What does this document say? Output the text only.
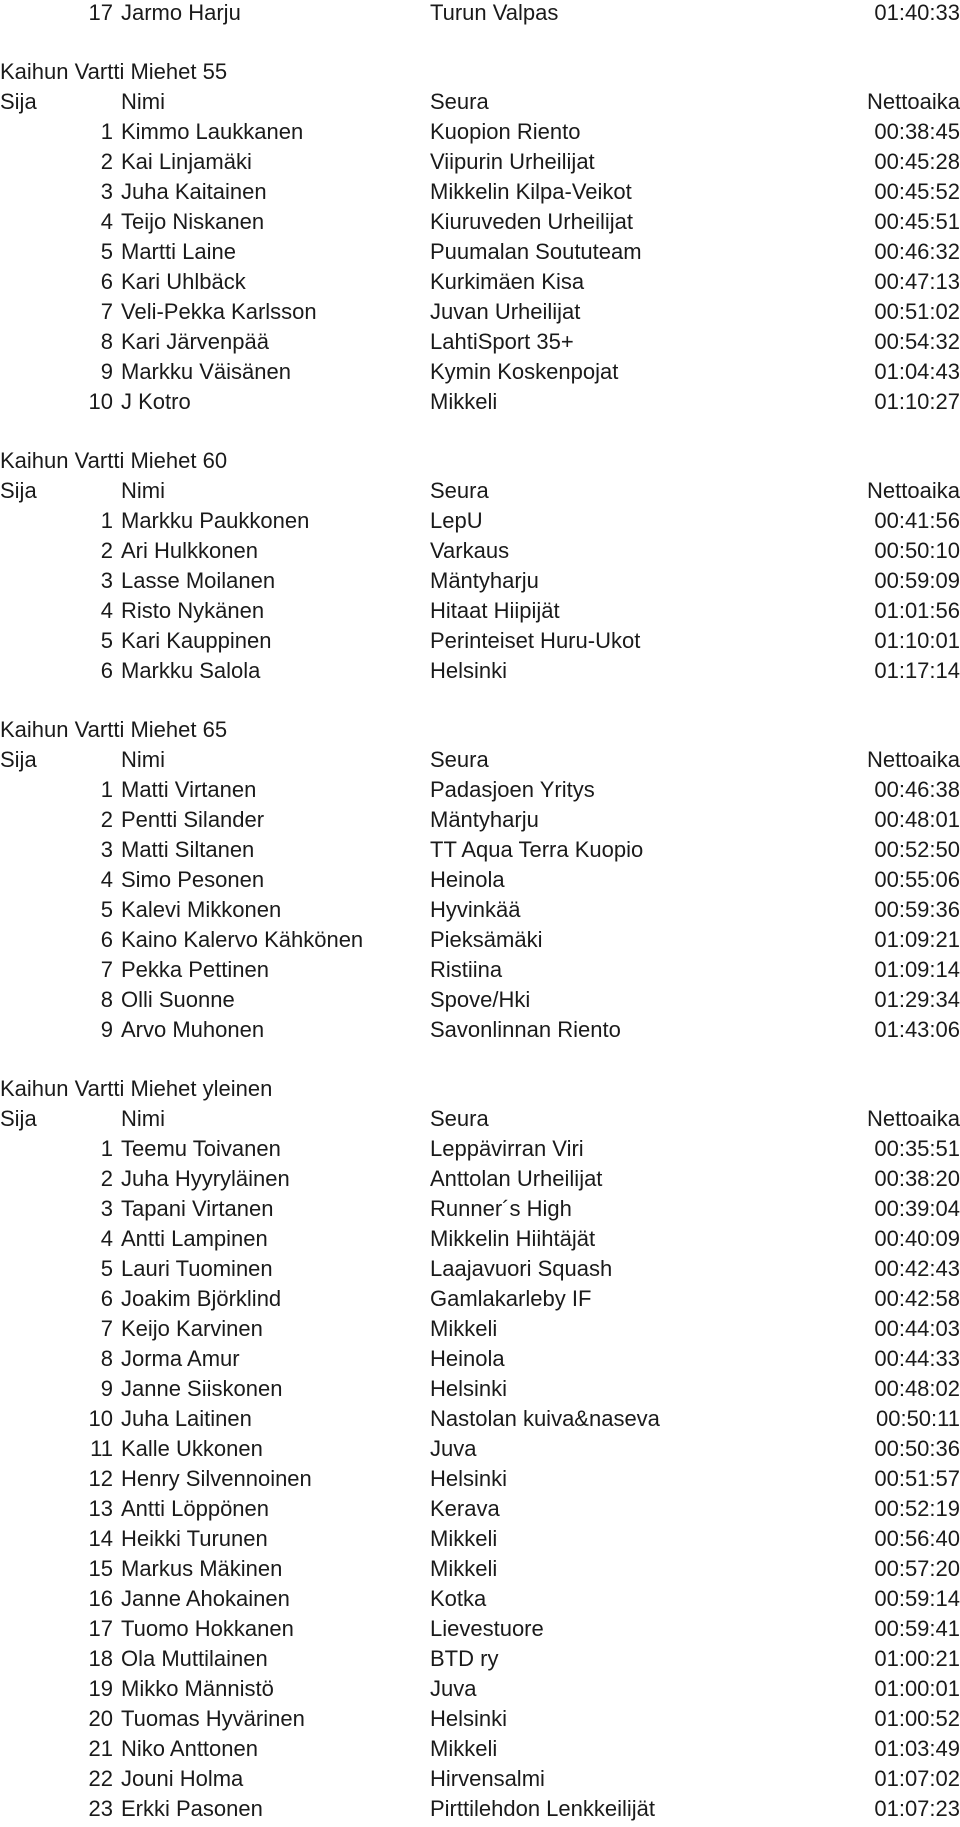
17 Jarmo Harju	Turun Valpas	01:40:33
Kaihun Vartti Miehet 55
Sija	Nimi	Seura	Nettoaika
1 Kimmo Laukkanen	Kuopion Riento	00:38:45
2 Kai Linjamäki	Viipurin Urheilijat	00:45:28
3 Juha Kaitainen	Mikkelin Kilpa-Veikot	00:45:52
4 Teijo Niskanen	Kiuruveden Urheilijat	00:45:51
5 Martti Laine	Puumalan Soututeam	00:46:32
6 Kari Uhlbäck	Kurkimäen Kisa	00:47:13
7 Veli-Pekka Karlsson	Juvan Urheilijat	00:51:02
8 Kari Järvenpää	LahtiSport 35+	00:54:32
9 Markku Väisänen	Kymin Koskenpojat	01:04:43
10 J Kotro	Mikkeli	01:10:27
Kaihun Vartti Miehet 60
Sija	Nimi	Seura	Nettoaika
1 Markku Paukkonen	LepU	00:41:56
2 Ari Hulkkonen	Varkaus	00:50:10
3 Lasse Moilanen	Mäntyharju	00:59:09
4 Risto Nykänen	Hitaat Hiipijät	01:01:56
5 Kari Kauppinen	Perinteiset Huru-Ukot	01:10:01
6 Markku Salola	Helsinki	01:17:14
Kaihun Vartti Miehet 65
Sija	Nimi	Seura	Nettoaika
1 Matti Virtanen	Padasjoen Yritys	00:46:38
2 Pentti Silander	Mäntyharju	00:48:01
3 Matti Siltanen	TT Aqua Terra Kuopio	00:52:50
4 Simo Pesonen	Heinola	00:55:06
5 Kalevi Mikkonen	Hyvinkää	00:59:36
6 Kaino Kalervo Kähkönen	Pieksämäki	01:09:21
7 Pekka Pettinen	Ristiina	01:09:14
8 Olli Suonne	Spove/Hki	01:29:34
9 Arvo Muhonen	Savonlinnan Riento	01:43:06
Kaihun Vartti Miehet yleinen
Sija	Nimi	Seura	Nettoaika
1 Teemu Toivanen	Leppävirran Viri	00:35:51
2 Juha Hyyryläinen	Anttolan Urheilijat	00:38:20
3 Tapani Virtanen	Runner´s High	00:39:04
4 Antti Lampinen	Mikkelin Hiihtäjät	00:40:09
5 Lauri Tuominen	Laajavuori Squash	00:42:43
6 Joakim Björklind	Gamlakarleby IF	00:42:58
7 Keijo Karvinen	Mikkeli	00:44:03
8 Jorma Amur	Heinola	00:44:33
9 Janne Siiskonen	Helsinki	00:48:02
10 Juha Laitinen	Nastolan kuiva&naseva	00:50:11
11 Kalle Ukkonen	Juva	00:50:36
12 Henry Silvennoinen	Helsinki	00:51:57
13 Antti Löppönen	Kerava	00:52:19
14 Heikki Turunen	Mikkeli	00:56:40
15 Markus Mäkinen	Mikkeli	00:57:20
16 Janne Ahokainen	Kotka	00:59:14
17 Tuomo Hokkanen	Lievestuore	00:59:41
18 Ola Muttilainen	BTD ry	01:00:21
19 Mikko Männistö	Juva	01:00:01
20 Tuomas Hyvärinen	Helsinki	01:00:52
21 Niko Anttonen	Mikkeli	01:03:49
22 Jouni Holma	Hirvensalmi	01:07:02
23 Erkki Pasonen	Pirttilehdon Lenkkeilijät	01:07:23
